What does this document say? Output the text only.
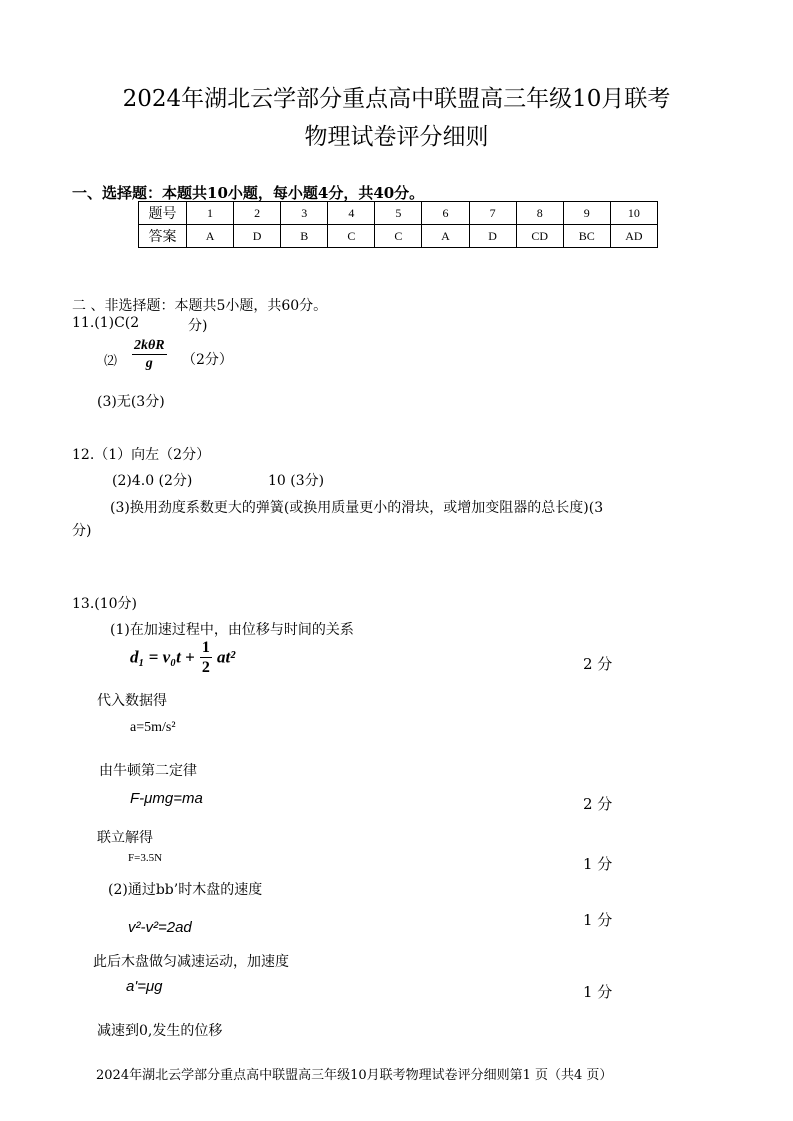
2024年湖北云学部分重点高中联盟高三年级10月联考
物理试卷评分细则
一、选择题：本题共10小题，每小题4分，共40分。
题号	1	2	3	4	5	6	7	8	9	10
答案	A	D	B	C	C	A	D	CD	BC	AD
二 、非选择题：本题共5小题，共60分。
11.(1)C(2	分)
⑵ $\frac{\text{2kθR}}{g} (2$分）
(3)无(3分)
12.（1）向左（2分）
(2)4.0 (2分)	10 (3分)
(3)换用劲度系数更大的弹簧(或换用质量更小的滑块，或增加变阻器的总长度)(3
分)
13.(10分)
(1)在加速过程中，由位移与时间的关系
$d_1 = v_0t + \frac{1}{2} at^2$	2 分
代入数据得
a=5m/s²
由牛顿第二定律
F-μmg=ma	2 分
联立解得
F=3.5N	1 分
(2)通过bb’时木盘的速度
v²-v²=2ad	1 分
此后木盘做匀减速运动，加速度
a'=μg	1 分
减速到0,发生的位移
2024年湖北云学部分重点高中联盟高三年级10月联考物理试卷评分细则第1 页（共4 页）
